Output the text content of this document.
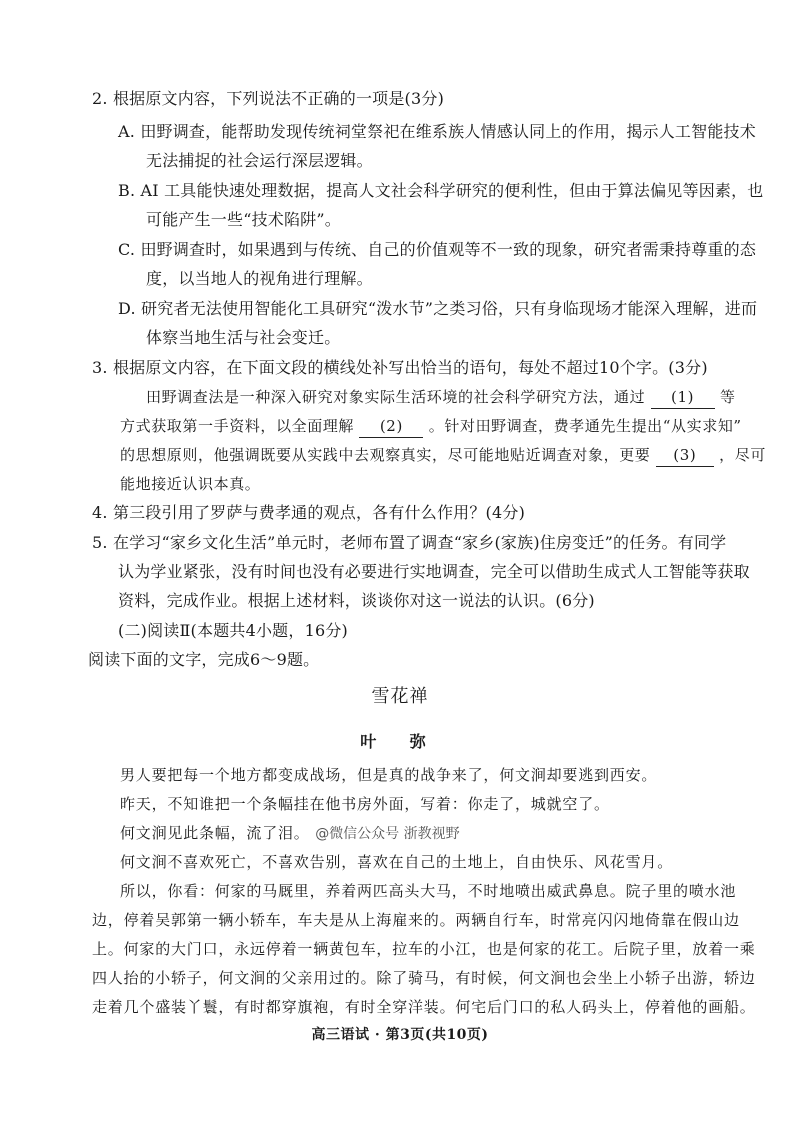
2. 根据原文内容，下列说法不正确的一项是(3分)
A. 田野调查，能帮助发现传统祠堂祭祀在维系族人情感认同上的作用，揭示人工智能技术
无法捕捉的社会运行深层逻辑。
B. AI 工具能快速处理数据，提高人文社会科学研究的便利性，但由于算法偏见等因素，也
可能产生一些“技术陷阱”。
C. 田野调查时，如果遇到与传统、自己的价值观等不一致的现象，研究者需秉持尊重的态
度，以当地人的视角进行理解。
D. 研究者无法使用智能化工具研究“泼水节”之类习俗，只有身临现场才能深入理解，进而
体察当地生活与社会变迁。
3. 根据原文内容，在下面文段的横线处补写出恰当的语句，每处不超过10个字。(3分)
田野调查法是一种深入研究对象实际生活环境的社会科学研究方法，通过 (1) 等
方式获取第一手资料，以全面理解 (2) 。针对田野调查，费孝通先生提出“从实求知”
的思想原则，他强调既要从实践中去观察真实，尽可能地贴近调查对象，更要 (3) ，尽可
能地接近认识本真。
4. 第三段引用了罗萨与费孝通的观点，各有什么作用？(4分)
5. 在学习“家乡文化生活”单元时，老师布置了调查“家乡(家族)住房变迁”的任务。有同学
认为学业紧张，没有时间也没有必要进行实地调查，完全可以借助生成式人工智能等获取
资料，完成作业。根据上述材料，谈谈你对这一说法的认识。(6分)
(二)阅读Ⅱ(本题共4小题，16分)
阅读下面的文字，完成6～9题。
雪花禅
叶 弥
男人要把每一个地方都变成战场，但是真的战争来了，何文涧却要逃到西安。
昨天，不知谁把一个条幅挂在他书房外面，写着：你走了，城就空了。
何文涧见此条幅，流了泪。 @微信公众号 浙教视野
何文涧不喜欢死亡，不喜欢告别，喜欢在自己的土地上，自由快乐、风花雪月。
所以，你看：何家的马厩里，养着两匹高头大马，不时地喷出威武鼻息。院子里的喷水池
边，停着吴郭第一辆小轿车，车夫是从上海雇来的。两辆自行车，时常亮闪闪地倚靠在假山边
上。何家的大门口，永远停着一辆黄包车，拉车的小江，也是何家的花工。后院子里，放着一乘
四人抬的小轿子，何文涧的父亲用过的。除了骑马，有时候，何文涧也会坐上小轿子出游，轿边
走着几个盛装丫鬟，有时都穿旗袍，有时全穿洋装。何宅后门口的私人码头上，停着他的画船。
高三语试 · 第3页(共10页)
